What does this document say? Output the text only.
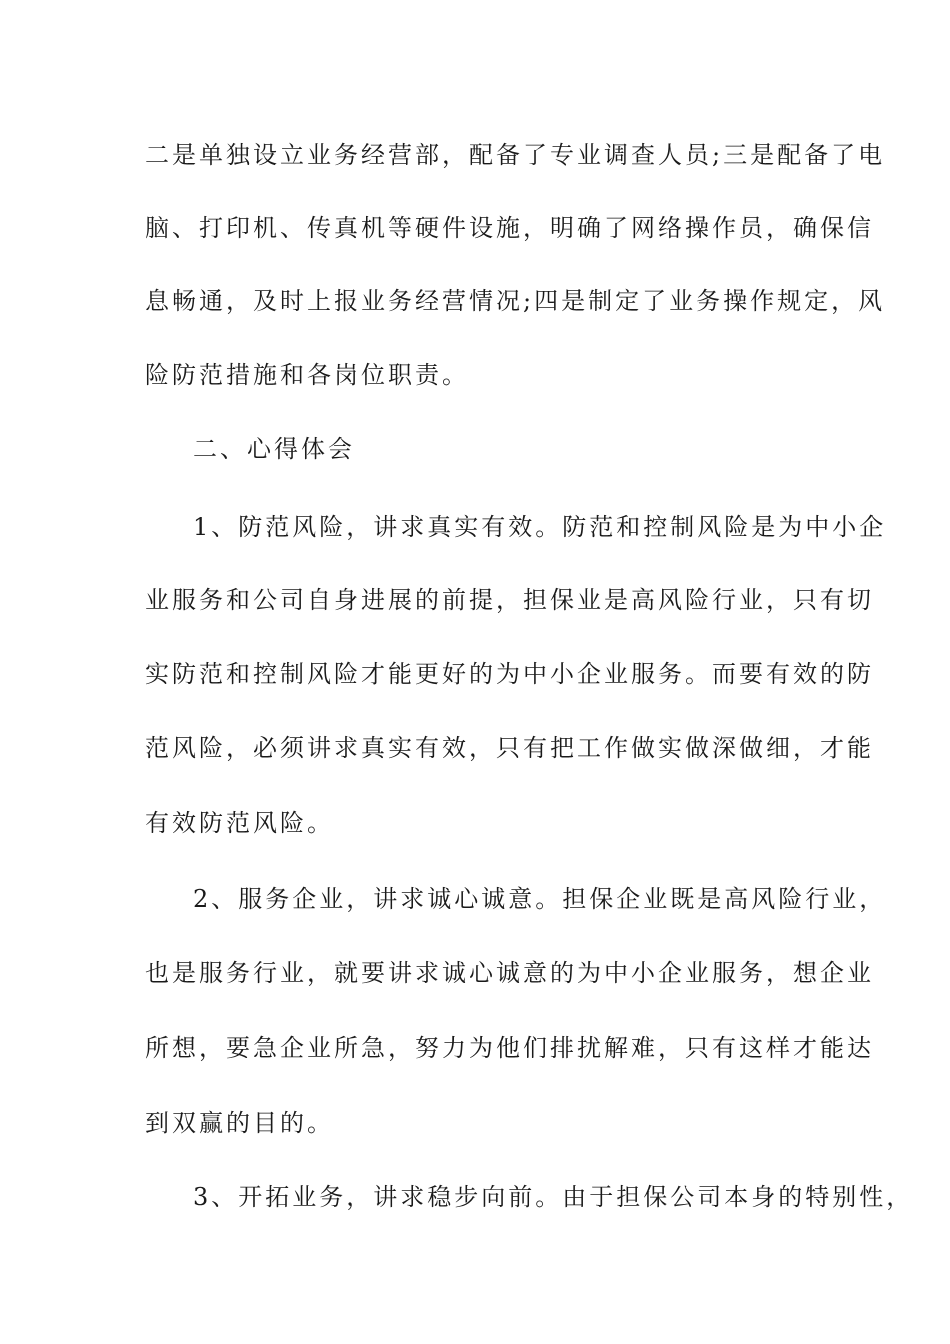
二是单独设立业务经营部，配备了专业调查人员;三是配备了电
脑、打印机、传真机等硬件设施，明确了网络操作员，确保信
息畅通，及时上报业务经营情况;四是制定了业务操作规定，风
险防范措施和各岗位职责。
二、心得体会
1、防范风险，讲求真实有效。防范和控制风险是为中小企
业服务和公司自身进展的前提，担保业是高风险行业，只有切
实防范和控制风险才能更好的为中小企业服务。而要有效的防
范风险，必须讲求真实有效，只有把工作做实做深做细，才能
有效防范风险。
2、服务企业，讲求诚心诚意。担保企业既是高风险行业，
也是服务行业，就要讲求诚心诚意的为中小企业服务，想企业
所想，要急企业所急，努力为他们排扰解难，只有这样才能达
到双赢的目的。
3、开拓业务，讲求稳步向前。由于担保公司本身的特别性，
